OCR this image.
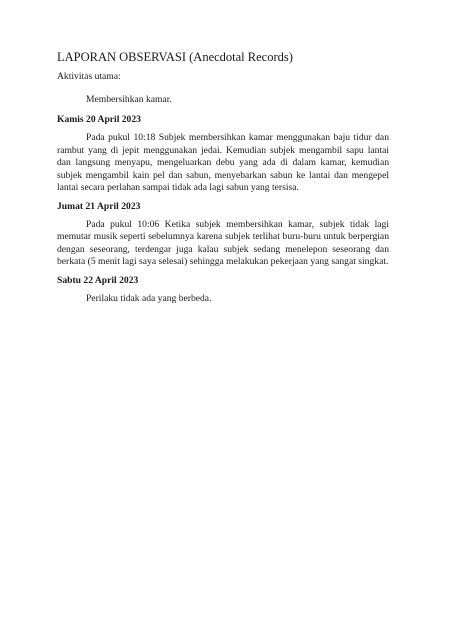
LAPORAN OBSERVASI (Anecdotal Records)

Aktivitas utama:

Membersihkan kamar.

Kamis 20 April 2023

Pada pukul 10:18 Subjek membersihkan kamar menggunakan baju tidur dan rambut yang di jepit menggunakan jedai. Kemudian subjek mengambil sapu lantai dan langsung menyapu, mengeluarkan debu yang ada di dalam kamar, kemudian subjek mengambil kain pel dan sabun, menyebarkan sabun ke lantai dan mengepel lantai secara perlahan sampai tidak ada lagi sabun yang tersisa.

Jumat 21 April 2023

Pada pukul 10:06 Ketika subjek membersihkan kamar, subjek tidak lagi memutar musik seperti sebelumnya karena subjek terlihat buru-buru untuk berpergian dengan seseorang, terdengar juga kalau subjek sedang menelepon seseorang dan berkata (5 menit lagi saya selesai) sehingga melakukan pekerjaan yang sangat singkat.

Sabtu 22 April 2023

Perilaku tidak ada yang berbeda.
